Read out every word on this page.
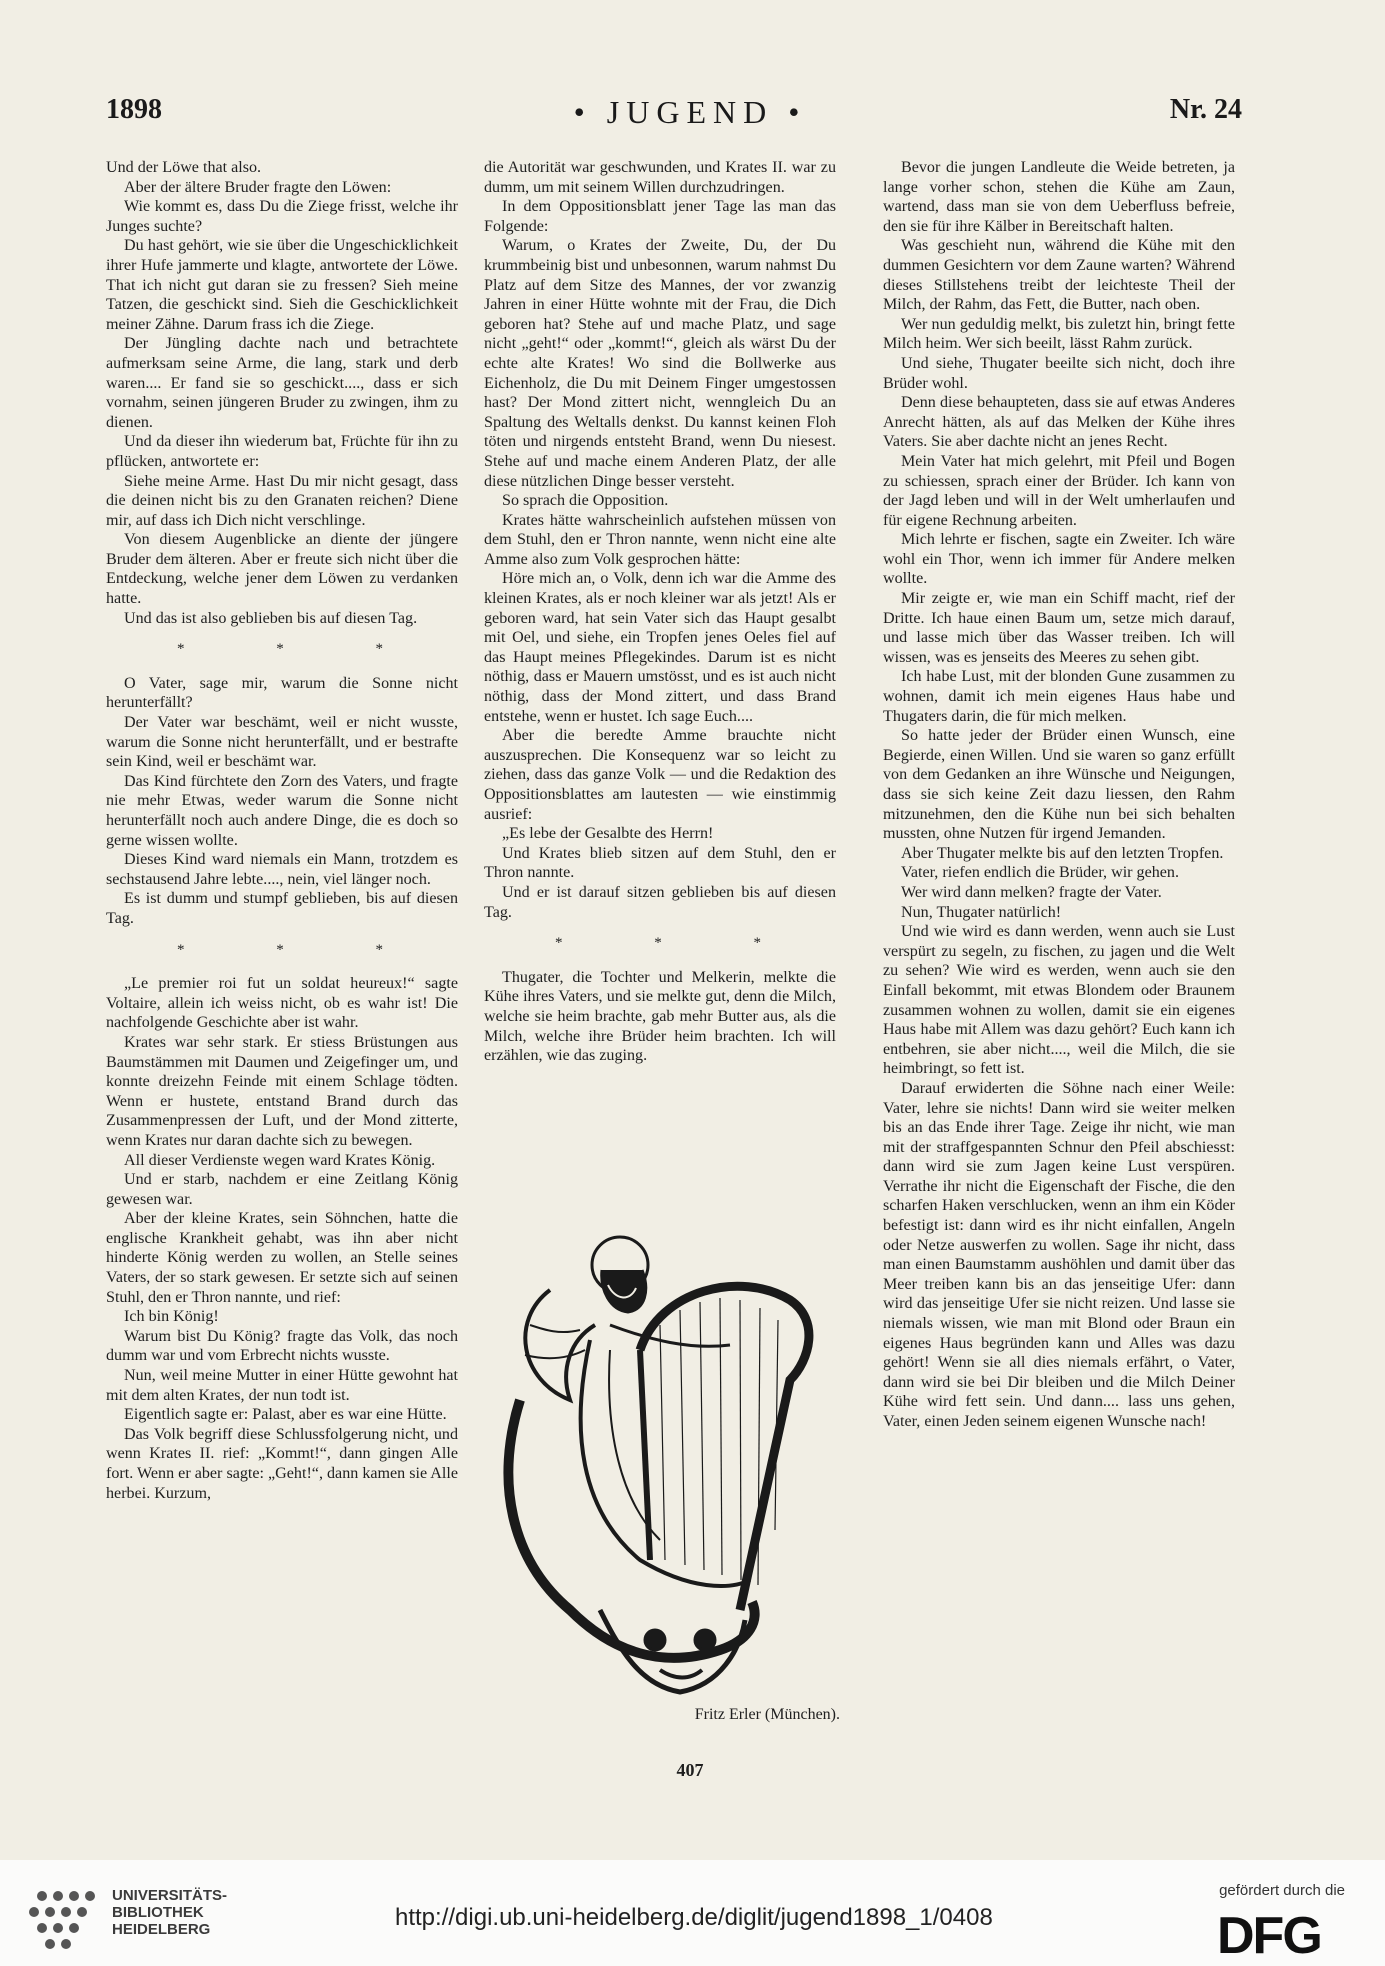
1898	• JUGEND •	Nr. 24

Und der Löwe that also.

Aber der ältere Bruder fragte den Löwen:

Wie kommt es, dass Du die Ziege frisst, welche ihr Junges suchte?

Du hast gehört, wie sie über die Ungeschicklichkeit ihrer Hufe jammerte und klagte, antwortete der Löwe. That ich nicht gut daran sie zu fressen? Sieh meine Tatzen, die geschickt sind. Sieh die Geschicklichkeit meiner Zähne. Darum frass ich die Ziege.

Der Jüngling dachte nach und betrachtete aufmerksam seine Arme, die lang, stark und derb waren.... Er fand sie so geschickt...., dass er sich vornahm, seinen jüngeren Bruder zu zwingen, ihm zu dienen.

Und da dieser ihn wiederum bat, Früchte für ihn zu pflücken, antwortete er:

Siehe meine Arme. Hast Du mir nicht gesagt, dass die deinen nicht bis zu den Granaten reichen? Diene mir, auf dass ich Dich nicht verschlinge.

Von diesem Augenblicke an diente der jüngere Bruder dem älteren. Aber er freute sich nicht über die Entdeckung, welche jener dem Löwen zu verdanken hatte.

Und das ist also geblieben bis auf diesen Tag.

* * *

O Vater, sage mir, warum die Sonne nicht herunterfällt?

Der Vater war beschämt, weil er nicht wusste, warum die Sonne nicht herunterfällt, und er bestrafte sein Kind, weil er beschämt war.

Das Kind fürchtete den Zorn des Vaters, und fragte nie mehr Etwas, weder warum die Sonne nicht herunterfällt noch auch andere Dinge, die es doch so gerne wissen wollte.

Dieses Kind ward niemals ein Mann, trotzdem es sechstausend Jahre lebte...., nein, viel länger noch.

Es ist dumm und stumpf geblieben, bis auf diesen Tag.

* * *

„Le premier roi fut un soldat heureux!“ sagte Voltaire, allein ich weiss nicht, ob es wahr ist! Die nachfolgende Geschichte aber ist wahr.

Krates war sehr stark. Er stiess Brüstungen aus Baumstämmen mit Daumen und Zeigefinger um, und konnte dreizehn Feinde mit einem Schlage tödten. Wenn er hustete, entstand Brand durch das Zusammenpressen der Luft, und der Mond zitterte, wenn Krates nur daran dachte sich zu bewegen.

All dieser Verdienste wegen ward Krates König.

Und er starb, nachdem er eine Zeitlang König gewesen war.

Aber der kleine Krates, sein Söhnchen, hatte die englische Krankheit gehabt, was ihn aber nicht hinderte König werden zu wollen, an Stelle seines Vaters, der so stark gewesen. Er setzte sich auf seinen Stuhl, den er Thron nannte, und rief:

Ich bin König!

Warum bist Du König? fragte das Volk, das noch dumm war und vom Erbrecht nichts wusste.

Nun, weil meine Mutter in einer Hütte gewohnt hat mit dem alten Krates, der nun todt ist.

Eigentlich sagte er: Palast, aber es war eine Hütte.

Das Volk begriff diese Schlussfolgerung nicht, und wenn Krates II. rief: „Kommt!“, dann gingen Alle fort. Wenn er aber sagte: „Geht!“, dann kamen sie Alle herbei. Kurzum,

die Autorität war geschwunden, und Krates II. war zu dumm, um mit seinem Willen durchzudringen.

In dem Oppositionsblatt jener Tage las man das Folgende:

Warum, o Krates der Zweite, Du, der Du krummbeinig bist und unbesonnen, warum nahmst Du Platz auf dem Sitze des Mannes, der vor zwanzig Jahren in einer Hütte wohnte mit der Frau, die Dich geboren hat? Stehe auf und mache Platz, und sage nicht „geht!“ oder „kommt!“, gleich als wärst Du der echte alte Krates! Wo sind die Bollwerke aus Eichenholz, die Du mit Deinem Finger umgestossen hast? Der Mond zittert nicht, wenngleich Du an Spaltung des Weltalls denkst. Du kannst keinen Floh töten und nirgends entsteht Brand, wenn Du niesest. Stehe auf und mache einem Anderen Platz, der alle diese nützlichen Dinge besser versteht.

So sprach die Opposition.

Krates hätte wahrscheinlich aufstehen müssen von dem Stuhl, den er Thron nannte, wenn nicht eine alte Amme also zum Volk gesprochen hätte:

Höre mich an, o Volk, denn ich war die Amme des kleinen Krates, als er noch kleiner war als jetzt! Als er geboren ward, hat sein Vater sich das Haupt gesalbt mit Oel, und siehe, ein Tropfen jenes Oeles fiel auf das Haupt meines Pflegekindes. Darum ist es nicht nöthig, dass er Mauern umstösst, und es ist auch nicht nöthig, dass der Mond zittert, und dass Brand entstehe, wenn er hustet. Ich sage Euch....

Aber die beredte Amme brauchte nicht auszusprechen. Die Konsequenz war so leicht zu ziehen, dass das ganze Volk — und die Redaktion des Oppositionsblattes am lautesten — wie einstimmig ausrief:

„Es lebe der Gesalbte des Herrn!

Und Krates blieb sitzen auf dem Stuhl, den er Thron nannte.

Und er ist darauf sitzen geblieben bis auf diesen Tag.

* * *

Thugater, die Tochter und Melkerin, melkte die Kühe ihres Vaters, und sie melkte gut, denn die Milch, welche sie heim brachte, gab mehr Butter aus, als die Milch, welche ihre Brüder heim brachten. Ich will erzählen, wie das zuging.

Bevor die jungen Landleute die Weide betreten, ja lange vorher schon, stehen die Kühe am Zaun, wartend, dass man sie von dem Ueberfluss befreie, den sie für ihre Kälber in Bereitschaft halten.

Was geschieht nun, während die Kühe mit den dummen Gesichtern vor dem Zaune warten? Während dieses Stillstehens treibt der leichteste Theil der Milch, der Rahm, das Fett, die Butter, nach oben.

Wer nun geduldig melkt, bis zuletzt hin, bringt fette Milch heim. Wer sich beeilt, lässt Rahm zurück.

Und siehe, Thugater beeilte sich nicht, doch ihre Brüder wohl.

Denn diese behaupteten, dass sie auf etwas Anderes Anrecht hätten, als auf das Melken der Kühe ihres Vaters. Sie aber dachte nicht an jenes Recht.

Mein Vater hat mich gelehrt, mit Pfeil und Bogen zu schiessen, sprach einer der Brüder. Ich kann von der Jagd leben und will in der Welt umherlaufen und für eigene Rechnung arbeiten.

Mich lehrte er fischen, sagte ein Zweiter. Ich wäre wohl ein Thor, wenn ich immer für Andere melken wollte.

Mir zeigte er, wie man ein Schiff macht, rief der Dritte. Ich haue einen Baum um, setze mich darauf, und lasse mich über das Wasser treiben. Ich will wissen, was es jenseits des Meeres zu sehen gibt.

Ich habe Lust, mit der blonden Gune zusammen zu wohnen, damit ich mein eigenes Haus habe und Thugaters darin, die für mich melken.

So hatte jeder der Brüder einen Wunsch, eine Begierde, einen Willen. Und sie waren so ganz erfüllt von dem Gedanken an ihre Wünsche und Neigungen, dass sie sich keine Zeit dazu liessen, den Rahm mitzunehmen, den die Kühe nun bei sich behalten mussten, ohne Nutzen für irgend Jemanden.

Aber Thugater melkte bis auf den letzten Tropfen.

Vater, riefen endlich die Brüder, wir gehen.

Wer wird dann melken? fragte der Vater.

Nun, Thugater natürlich!

Und wie wird es dann werden, wenn auch sie Lust verspürt zu segeln, zu fischen, zu jagen und die Welt zu sehen? Wie wird es werden, wenn auch sie den Einfall bekommt, mit etwas Blondem oder Braunem zusammen wohnen zu wollen, damit sie ein eigenes Haus habe mit Allem was dazu gehört? Euch kann ich entbehren, sie aber nicht...., weil die Milch, die sie heimbringt, so fett ist.

Darauf erwiderten die Söhne nach einer Weile: Vater, lehre sie nichts! Dann wird sie weiter melken bis an das Ende ihrer Tage. Zeige ihr nicht, wie man mit der straffgespannten Schnur den Pfeil abschiesst: dann wird sie zum Jagen keine Lust verspüren. Verrathe ihr nicht die Eigenschaft der Fische, die den scharfen Haken verschlucken, wenn an ihm ein Köder befestigt ist: dann wird es ihr nicht einfallen, Angeln oder Netze auswerfen zu wollen. Sage ihr nicht, dass man einen Baumstamm aushöhlen und damit über das Meer treiben kann bis an das jenseitige Ufer: dann wird das jenseitige Ufer sie nicht reizen. Und lasse sie niemals wissen, wie man mit Blond oder Braun ein eigenes Haus begründen kann und Alles was dazu gehört! Wenn sie all dies niemals erfährt, o Vater, dann wird sie bei Dir bleiben und die Milch Deiner Kühe wird fett sein. Und dann.... lass uns gehen, Vater, einen Jeden seinem eigenen Wunsche nach!

Fritz Erler (München).
407
UNIVERSITÄTS-
BIBLIOTHEK
HEIDELBERG	http://digi.ub.uni-heidelberg.de/diglit/jugend1898_1/0408
gefördert durch die
DFG
